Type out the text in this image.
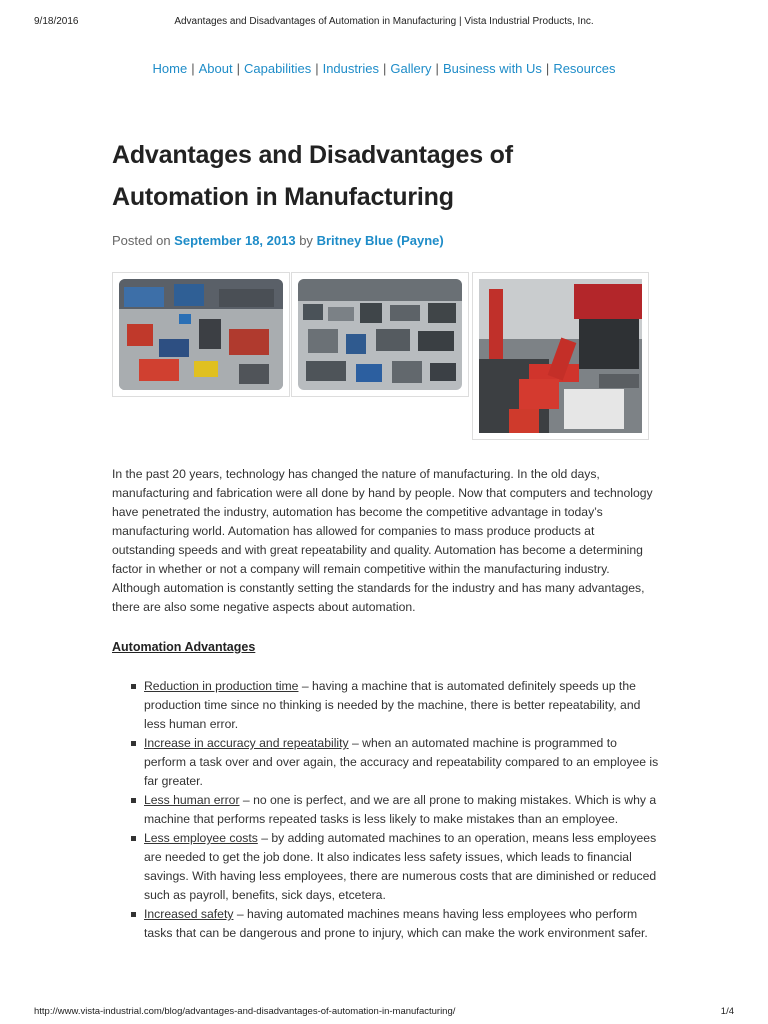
9/18/2016	Advantages and Disadvantages of Automation in Manufacturing | Vista Industrial Products, Inc.
Home | About | Capabilities | Industries | Gallery | Business with Us | Resources
Advantages and Disadvantages of
Automation in Manufacturing
Posted on September 18, 2013 by Britney Blue (Payne)

In the past 20 years, technology has changed the nature of manufacturing. In the old days, manufacturing and fabrication were all done by hand by people. Now that computers and technology have penetrated the industry, automation has become the competitive advantage in today’s manufacturing world. Automation has allowed for companies to mass produce products at outstanding speeds and with great repeatability and quality. Automation has become a determining factor in whether or not a company will remain competitive within the manufacturing industry. Although automation is constantly setting the standards for the industry and has many advantages, there are also some negative aspects about automation.

Automation Advantages
Reduction in production time – having a machine that is automated definitely speeds up the production time since no thinking is needed by the machine, there is better repeatability, and less human error.
Increase in accuracy and repeatability – when an automated machine is programmed to perform a task over and over again, the accuracy and repeatability compared to an employee is far greater.
Less human error – no one is perfect, and we are all prone to making mistakes. Which is why a machine that performs repeated tasks is less likely to make mistakes than an employee.
Less employee costs – by adding automated machines to an operation, means less employees are needed to get the job done. It also indicates less safety issues, which leads to financial savings. With having less employees, there are numerous costs that are diminished or reduced such as payroll, benefits, sick days, etcetera.
Increased safety – having automated machines means having less employees who perform tasks that can be dangerous and prone to injury, which can make the work environment safer.
http://www.vista-industrial.com/blog/advantages-and-disadvantages-of-automation-in-manufacturing/	1/4
